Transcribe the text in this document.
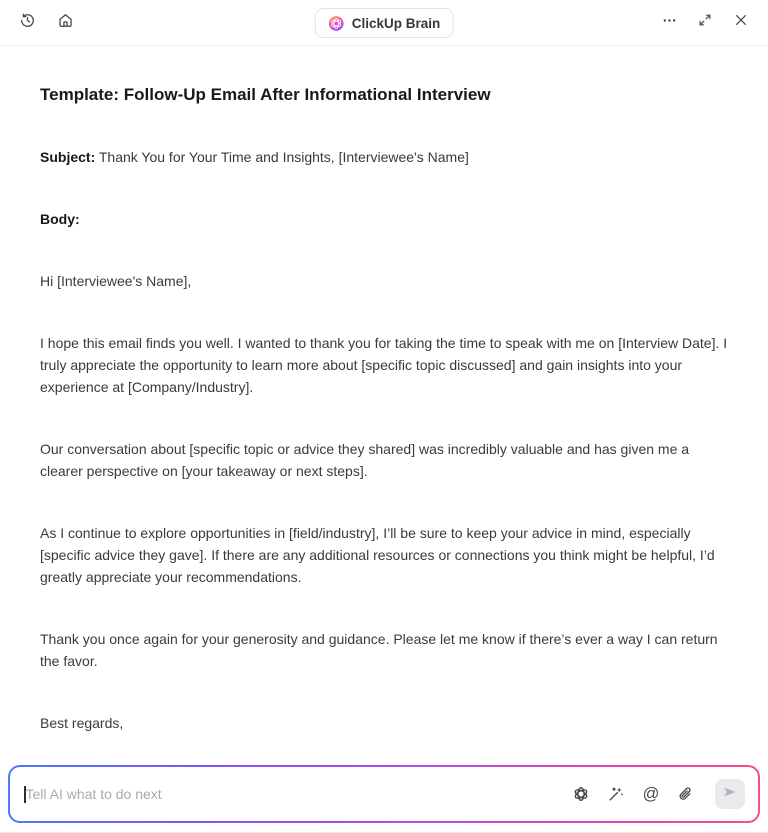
ClickUp Brain
Template: Follow-Up Email After Informational Interview

Subject: Thank You for Your Time and Insights, [Interviewee's Name]

Body:

Hi [Interviewee's Name],

I hope this email finds you well. I wanted to thank you for taking the time to speak with me on [Interview Date]. I truly appreciate the opportunity to learn more about [specific topic discussed] and gain insights into your experience at [Company/Industry].

Our conversation about [specific topic or advice they shared] was incredibly valuable and has given me a clearer perspective on [your takeaway or next steps].

As I continue to explore opportunities in [field/industry], I’ll be sure to keep your advice in mind, especially [specific advice they gave]. If there are any additional resources or connections you think might be helpful, I’d greatly appreciate your recommendations.

Thank you once again for your generosity and guidance. Please let me know if there’s ever a way I can return the favor.

Best regards,

Tell AI what to do next
@
